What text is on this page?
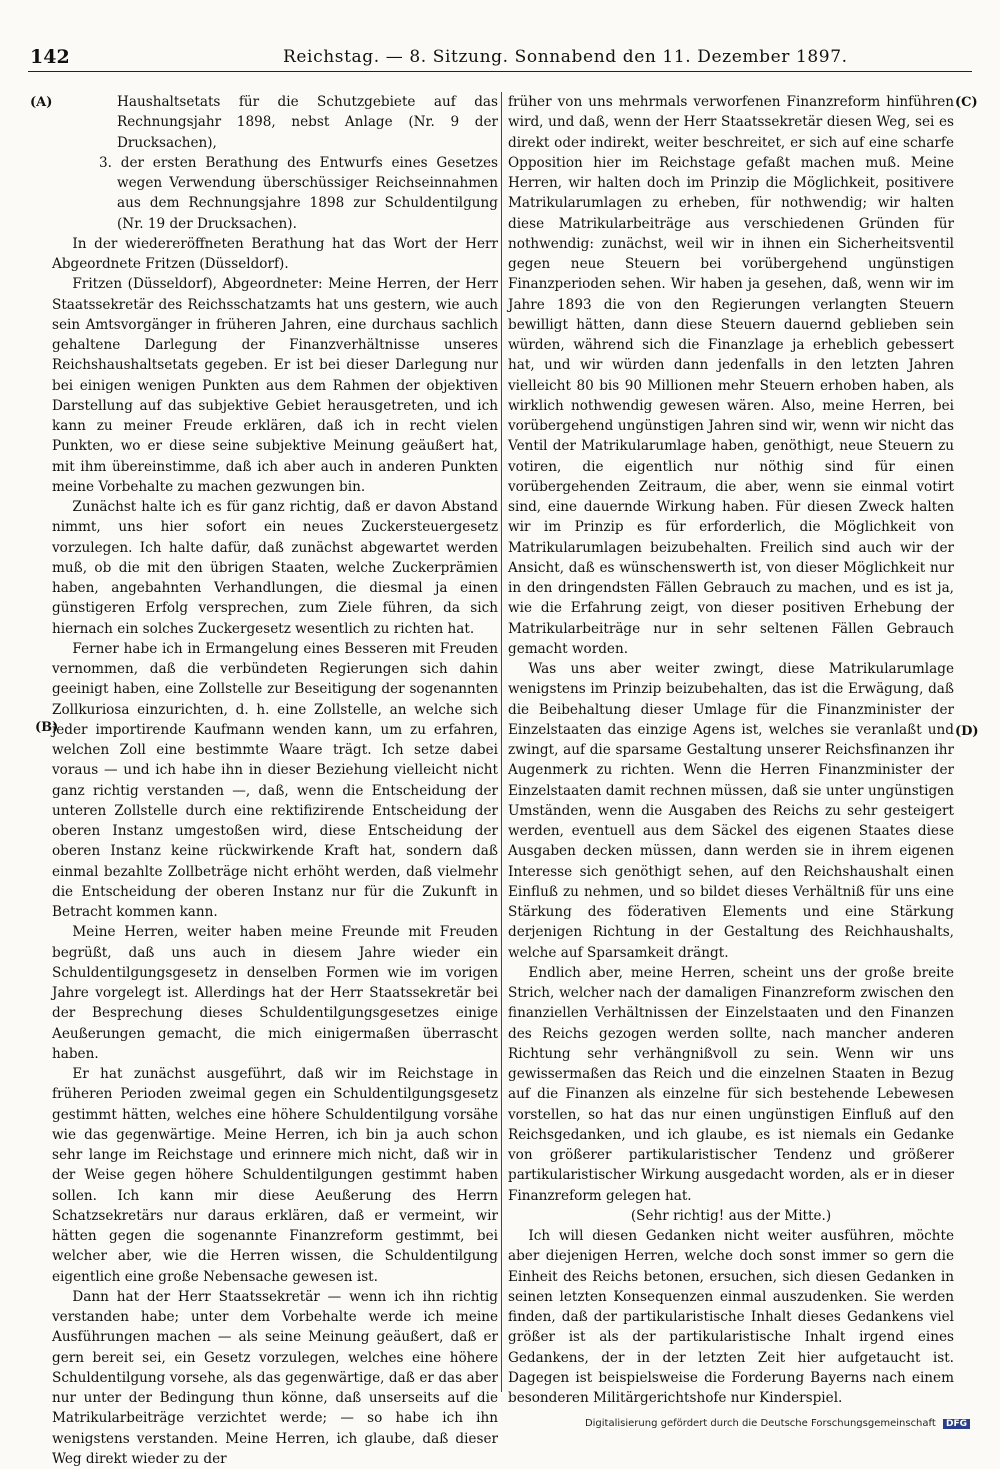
142	Reichstag. — 8. Sitzung. Sonnabend den 11. Dezember 1897.
(A)
(B)
(C)
(D)

Haushaltsetats für die Schutzgebiete auf das Rechnungsjahr 1898, nebst Anlage (Nr. 9 der Drucksachen),

3. der ersten Berathung des Entwurfs eines Gesetzes wegen Verwendung überschüssiger Reichseinnahmen aus dem Rechnungsjahre 1898 zur Schuldentilgung (Nr. 19 der Drucksachen).

In der wiedereröffneten Berathung hat das Wort der Herr Abgeordnete Fritzen (Düsseldorf).

Fritzen (Düsseldorf), Abgeordneter: Meine Herren, der Herr Staatssekretär des Reichsschatzamts hat uns gestern, wie auch sein Amtsvorgänger in früheren Jahren, eine durchaus sachlich gehaltene Darlegung der Finanzverhältnisse unseres Reichshaushaltsetats gegeben. Er ist bei dieser Darlegung nur bei einigen wenigen Punkten aus dem Rahmen der objektiven Darstellung auf das subjektive Gebiet herausgetreten, und ich kann zu meiner Freude erklären, daß ich in recht vielen Punkten, wo er diese seine subjektive Meinung geäußert hat, mit ihm übereinstimme, daß ich aber auch in anderen Punkten meine Vorbehalte zu machen gezwungen bin.

Zunächst halte ich es für ganz richtig, daß er davon Abstand nimmt, uns hier sofort ein neues Zuckersteuergesetz vorzulegen. Ich halte dafür, daß zunächst abgewartet werden muß, ob die mit den übrigen Staaten, welche Zuckerprämien haben, angebahnten Verhandlungen, die diesmal ja einen günstigeren Erfolg versprechen, zum Ziele führen, da sich hiernach ein solches Zuckergesetz wesentlich zu richten hat.

Ferner habe ich in Ermangelung eines Besseren mit Freuden vernommen, daß die verbündeten Regierungen sich dahin geeinigt haben, eine Zollstelle zur Beseitigung der sogenannten Zollkuriosa einzurichten, d. h. eine Zollstelle, an welche sich jeder importirende Kaufmann wenden kann, um zu erfahren, welchen Zoll eine bestimmte Waare trägt. Ich setze dabei voraus — und ich habe ihn in dieser Beziehung vielleicht nicht ganz richtig verstanden —, daß, wenn die Entscheidung der unteren Zollstelle durch eine rektifizirende Entscheidung der oberen Instanz umgestoßen wird, diese Entscheidung der oberen Instanz keine rückwirkende Kraft hat, sondern daß einmal bezahlte Zollbeträge nicht erhöht werden, daß vielmehr die Entscheidung der oberen Instanz nur für die Zukunft in Betracht kommen kann.

Meine Herren, weiter haben meine Freunde mit Freuden begrüßt, daß uns auch in diesem Jahre wieder ein Schuldentilgungsgesetz in denselben Formen wie im vorigen Jahre vorgelegt ist. Allerdings hat der Herr Staatssekretär bei der Besprechung dieses Schuldentilgungsgesetzes einige Aeußerungen gemacht, die mich einigermaßen überrascht haben.

Er hat zunächst ausgeführt, daß wir im Reichstage in früheren Perioden zweimal gegen ein Schuldentilgungsgesetz gestimmt hätten, welches eine höhere Schuldentilgung vorsähe wie das gegenwärtige. Meine Herren, ich bin ja auch schon sehr lange im Reichstage und erinnere mich nicht, daß wir in der Weise gegen höhere Schuldentilgungen gestimmt haben sollen. Ich kann mir diese Aeußerung des Herrn Schatzsekretärs nur daraus erklären, daß er vermeint, wir hätten gegen die sogenannte Finanzreform gestimmt, bei welcher aber, wie die Herren wissen, die Schuldentilgung eigentlich eine große Nebensache gewesen ist.

Dann hat der Herr Staatssekretär — wenn ich ihn richtig verstanden habe; unter dem Vorbehalte werde ich meine Ausführungen machen — als seine Meinung geäußert, daß er gern bereit sei, ein Gesetz vorzulegen, welches eine höhere Schuldentilgung vorsehe, als das gegenwärtige, daß er das aber nur unter der Bedingung thun könne, daß unserseits auf die Matrikularbeiträge verzichtet werde; — so habe ich ihn wenigstens verstanden. Meine Herren, ich glaube, daß dieser Weg direkt wieder zu der

früher von uns mehrmals verworfenen Finanzreform hinführen wird, und daß, wenn der Herr Staatssekretär diesen Weg, sei es direkt oder indirekt, weiter beschreitet, er sich auf eine scharfe Opposition hier im Reichstage gefaßt machen muß. Meine Herren, wir halten doch im Prinzip die Möglichkeit, positivere Matrikularumlagen zu erheben, für nothwendig; wir halten diese Matrikularbeiträge aus verschiedenen Gründen für nothwendig: zunächst, weil wir in ihnen ein Sicherheitsventil gegen neue Steuern bei vorübergehend ungünstigen Finanzperioden sehen. Wir haben ja gesehen, daß, wenn wir im Jahre 1893 die von den Regierungen verlangten Steuern bewilligt hätten, dann diese Steuern dauernd geblieben sein würden, während sich die Finanzlage ja erheblich gebessert hat, und wir würden dann jedenfalls in den letzten Jahren vielleicht 80 bis 90 Millionen mehr Steuern erhoben haben, als wirklich nothwendig gewesen wären. Also, meine Herren, bei vorübergehend ungünstigen Jahren sind wir, wenn wir nicht das Ventil der Matrikularumlage haben, genöthigt, neue Steuern zu votiren, die eigentlich nur nöthig sind für einen vorübergehenden Zeitraum, die aber, wenn sie einmal votirt sind, eine dauernde Wirkung haben. Für diesen Zweck halten wir im Prinzip es für erforderlich, die Möglichkeit von Matrikularumlagen beizubehalten. Freilich sind auch wir der Ansicht, daß es wünschenswerth ist, von dieser Möglichkeit nur in den dringendsten Fällen Gebrauch zu machen, und es ist ja, wie die Erfahrung zeigt, von dieser positiven Erhebung der Matrikularbeiträge nur in sehr seltenen Fällen Gebrauch gemacht worden.

Was uns aber weiter zwingt, diese Matrikularumlage wenigstens im Prinzip beizubehalten, das ist die Erwägung, daß die Beibehaltung dieser Umlage für die Finanzminister der Einzelstaaten das einzige Agens ist, welches sie veranlaßt und zwingt, auf die sparsame Gestaltung unserer Reichsfinanzen ihr Augenmerk zu richten. Wenn die Herren Finanzminister der Einzelstaaten damit rechnen müssen, daß sie unter ungünstigen Umständen, wenn die Ausgaben des Reichs zu sehr gesteigert werden, eventuell aus dem Säckel des eigenen Staates diese Ausgaben decken müssen, dann werden sie in ihrem eigenen Interesse sich genöthigt sehen, auf den Reichshaushalt einen Einfluß zu nehmen, und so bildet dieses Verhältniß für uns eine Stärkung des föderativen Elements und eine Stärkung derjenigen Richtung in der Gestaltung des Reichhaushalts, welche auf Sparsamkeit drängt.

Endlich aber, meine Herren, scheint uns der große breite Strich, welcher nach der damaligen Finanzreform zwischen den finanziellen Verhältnissen der Einzelstaaten und den Finanzen des Reichs gezogen werden sollte, nach mancher anderen Richtung sehr verhängnißvoll zu sein. Wenn wir uns gewissermaßen das Reich und die einzelnen Staaten in Bezug auf die Finanzen als einzelne für sich bestehende Lebewesen vorstellen, so hat das nur einen ungünstigen Einfluß auf den Reichsgedanken, und ich glaube, es ist niemals ein Gedanke von größerer partikularistischer Tendenz und größerer partikularistischer Wirkung ausgedacht worden, als er in dieser Finanzreform gelegen hat.

(Sehr richtig! aus der Mitte.)

Ich will diesen Gedanken nicht weiter ausführen, möchte aber diejenigen Herren, welche doch sonst immer so gern die Einheit des Reichs betonen, ersuchen, sich diesen Gedanken in seinen letzten Konsequenzen einmal auszudenken. Sie werden finden, daß der partikularistische Inhalt dieses Gedankens viel größer ist als der partikularistische Inhalt irgend eines Gedankens, der in der letzten Zeit hier aufgetaucht ist. Dagegen ist beispielsweise die Forderung Bayerns nach einem besonderen Militärgerichtshofe nur Kinderspiel.

Digitalisierung gefördert durch die Deutsche Forschungsgemeinschaft DFG
